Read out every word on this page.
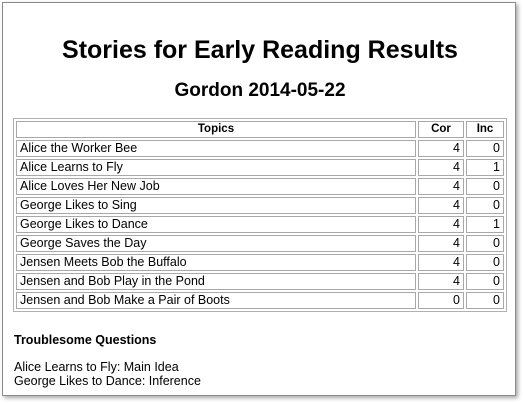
Stories for Early Reading Results
Gordon 2014-05-22
Topics	Cor	Inc
Alice the Worker Bee	4	0
Alice Learns to Fly	4	1
Alice Loves Her New Job	4	0
George Likes to Sing	4	0
George Likes to Dance	4	1
George Saves the Day	4	0
Jensen Meets Bob the Buffalo	4	0
Jensen and Bob Play in the Pond	4	0
Jensen and Bob Make a Pair of Boots	0	0
Troublesome Questions
Alice Learns to Fly: Main Idea
George Likes to Dance: Inference
